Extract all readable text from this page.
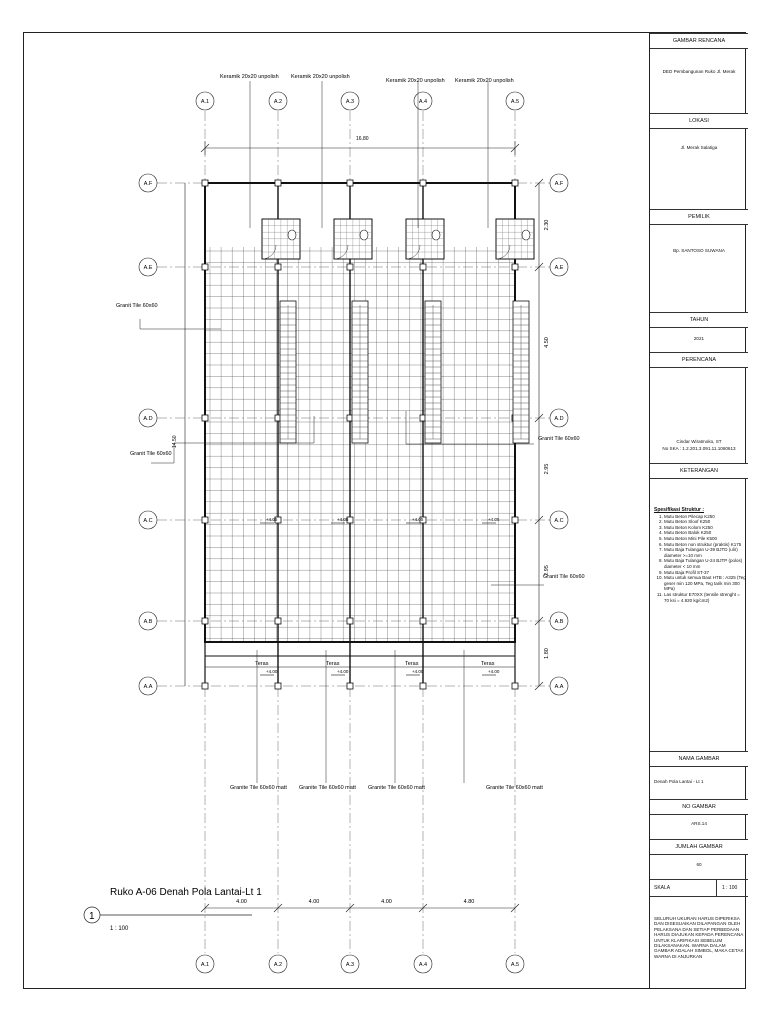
16.80
14.50
A.1
A.1
A.2
A.2
A.3
A.3
A.4
A.4
A.5
A.5
A.F	A.F
A.E	A.E
A.D	A.D
A.C	A.C
A.B	A.B
A.A	A.A
+4.05
Teras
+4.00
+4.05
Teras
+4.00
+4.05
Teras
+4.00
+4.05
Teras
+4.00
2.30
4.50
2.95
2.95
1.80
4.00	4.00	4.00	4.80
Keramik 20x20 unpolish Keramik 20x20 unpolish
Keramik 20x20 unpolish Keramik 20x20 unpolish
Granit Tile 60x60
Granit Tile 60x60
Granit Tile 60x60
Granit Tile 60x60
Granite Tile 60x60 matt Granite Tile 60x60 matt Granite Tile 60x60 matt	Granite Tile 60x60 matt
1
Ruko A-06 Denah Pola Lantai-Lt 1
1 : 100
GAMBAR RENCANA
DED Pembangunan Ruko Jl. Merak
LOKASI
Jl. Merak Salatiga
PEMILIK
Bp. SANTOSO SUWANA
TAHUN
2021
PERENCANA
Cindar Wiratmoko, ST
No SKA : 1.2.201.3.091.11.1060613
KETERANGAN
Spesifikasi Struktur :
1. Mutu Beton Pilecap K250
2. Mutu Beton Sloof K250
3. Mutu Beton Kolom K250
4. Mutu Beton Balok K250
5. Mutu Beton Mini Pile K500
6. Mutu Beton non struktur (praktis) K175
7. Mutu Baja Tulangan U-39 BJTD (ulir) diameter >=10 mm
8. Mutu Baja Tulangan U-24 BJTP (polos) diameter < 10 mm
9. Mutu Baja Profil ST-37
10. Mutu untuk semua Baut HTB : A325 (Teg geser min 120 MPa, Teg tarik min 300 MPa)
11. Las struktur E70XX (tensile strenght = 70 ksi = 4.920 kg/cm2)
NAMA GAMBAR
Denah Pola Lantai - Lt 1
NO GAMBAR
ARS.14
JUMLAH GAMBAR
60
SKALA	1 : 100
SELURUH UKURAN HARUS DIPERIKSA DAN DISESUAIKAN DILAPANGAN OLEH PELAKSANA DAN SETIAP PERBEDAAN HARUS DIAJUKAN KEPADA PERENCANA UNTUK KLARIFIKASI SEBELUM DILAKSANAKAN. WARNA DALAM GAMBAR ADALAH SIMBOL, MAKA CETAK WARNA DI ANJURKAN
